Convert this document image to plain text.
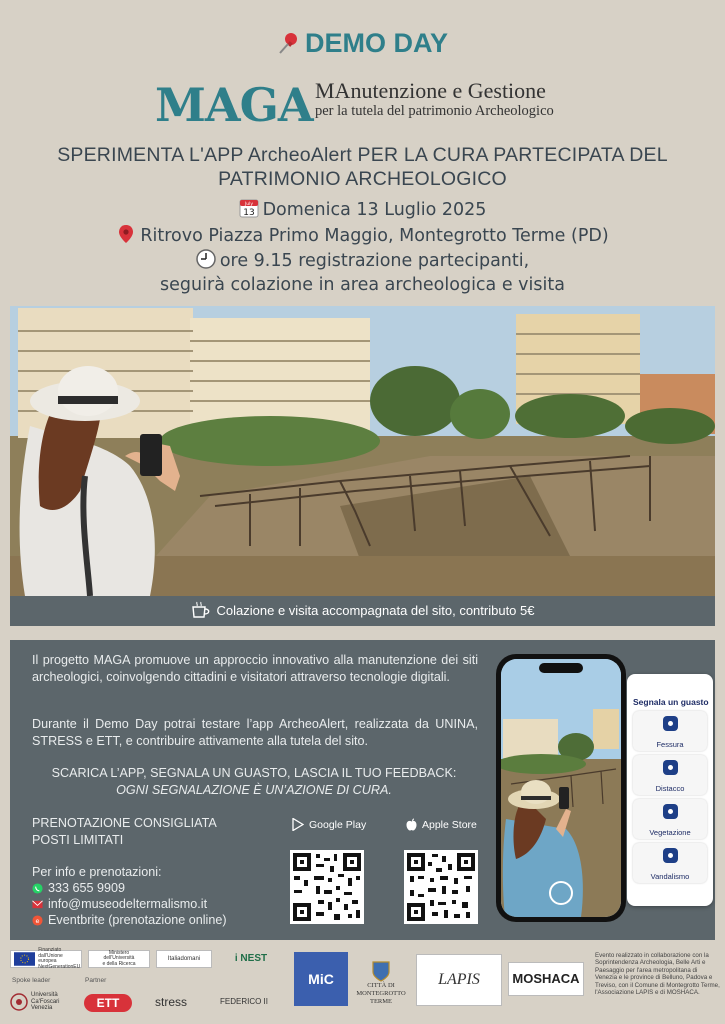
DEMO DAY
MAGA MAnutenzione e Gestione
per la tutela del patrimonio Archeologico
SPERIMENTA L'APP ArcheoAlert PER LA CURA PARTECIPATA DEL
PATRIMONIO ARCHEOLOGICO
July
13 Domenica 13 Luglio 2025
Ritrovo Piazza Primo Maggio, Montegrotto Terme (PD)
ore 9.15 registrazione partecipanti,
seguirà colazione in area archeologica e visita
Colazione e visita accompagnata del sito, contributo 5€
Il progetto MAGA promuove un approccio innovativo alla manutenzione dei siti archeologici, coinvolgendo cittadini e visitatori attraverso tecnologie digitali.
Durante il Demo Day potrai testare l’app ArcheoAlert, realizzata da UNINA, STRESS e ETT, e contribuire attivamente alla tutela del sito.
SCARICA L’APP, SEGNALA UN GUASTO, LASCIA IL TUO FEEDBACK:
OGNI SEGNALAZIONE È UN’AZIONE DI CURA.
PRENOTAZIONE CONSIGLIATA
POSTI LIMITATI
Per info e prenotazioni:
333 655 9909
info@museodeltermalismo.it
e Eventbrite (prenotazione online)
Google Play	Apple Store
Segnala un guasto
Fessura
Distacco
Vegetazione
Vandalismo
Finanziato
dall'Unione europea
NextGenerationEU
Ministero
dell'Università
e della Ricerca
Italiadomani	i NEST
Spoke leader	Partner
Università
Ca'Foscari
Venezia	ETT	stress	FEDERICO II
MiC	CITTÀ DI
MONTEGROTTO
TERME
LAPIS	MOSHACA
Evento realizzato in collaborazione con la Soprintendenza Archeologia, Belle Arti e Paesaggio per l'area metropolitana di Venezia e le province di Belluno, Padova e Treviso, con il Comune di Montegrotto Terme, l'Associazione LAPIS e di MOSHACA.
